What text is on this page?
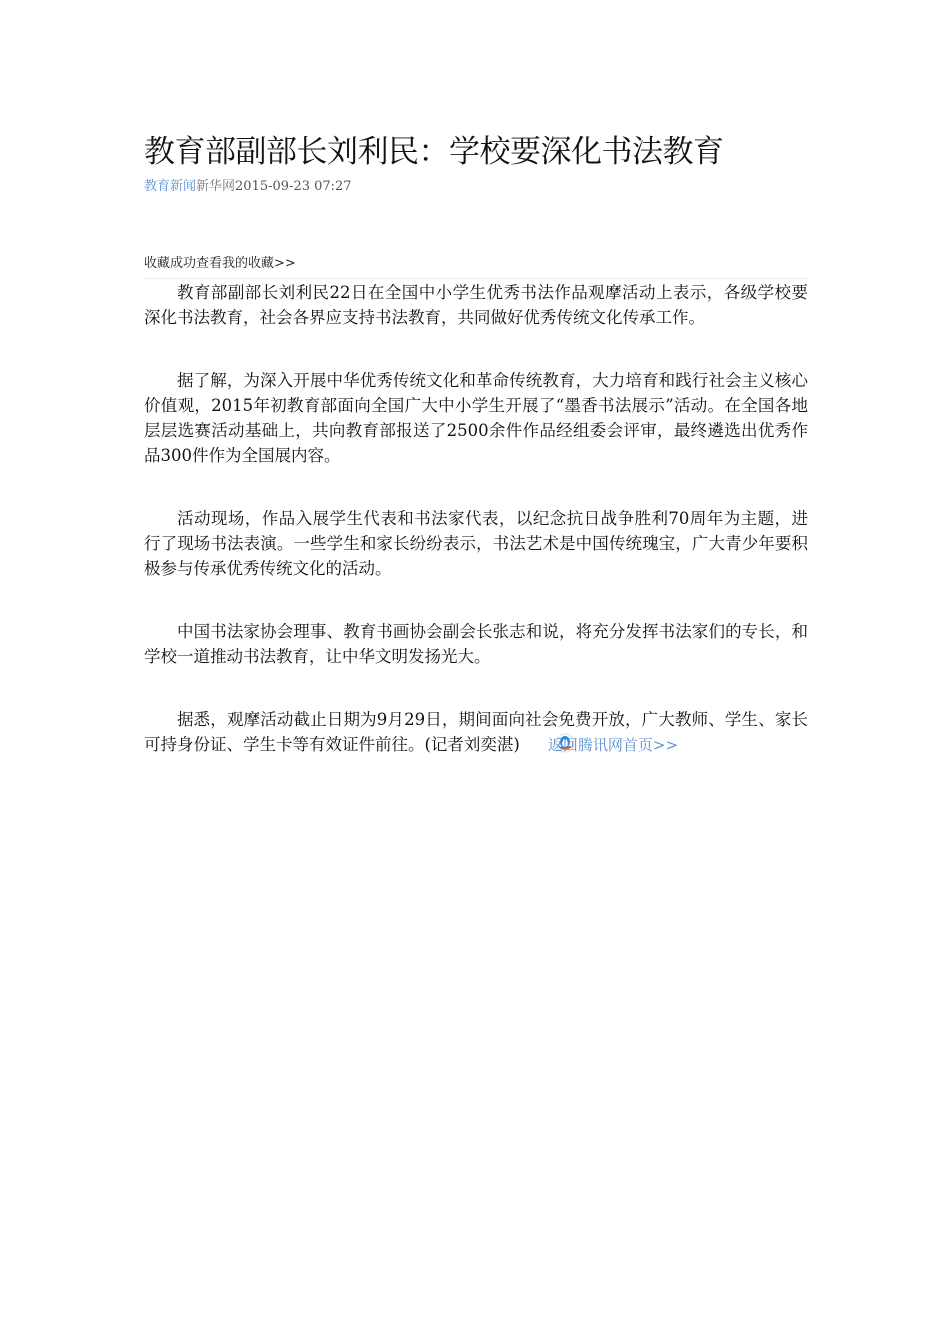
教育部副部长刘利民：学校要深化书法教育
教育新闻新华网2015-09-23 07:27
收藏成功查看我的收藏>>

教育部副部长刘利民22日在全国中小学生优秀书法作品观摩活动上表示，各级学校要深化书法教育，社会各界应支持书法教育，共同做好优秀传统文化传承工作。

据了解，为深入开展中华优秀传统文化和革命传统教育，大力培育和践行社会主义核心价值观，2015年初教育部面向全国广大中小学生开展了“墨香书法展示”活动。在全国各地层层选赛活动基础上，共向教育部报送了2500余件作品经组委会评审，最终遴选出优秀作品300件作为全国展内容。

活动现场，作品入展学生代表和书法家代表，以纪念抗日战争胜利70周年为主题，进行了现场书法表演。一些学生和家长纷纷表示，书法艺术是中国传统瑰宝，广大青少年要积极参与传承优秀传统文化的活动。

中国书法家协会理事、教育书画协会副会长张志和说，将充分发挥书法家们的专长，和学校一道推动书法教育，让中华文明发扬光大。

据悉，观摩活动截止日期为9月29日，期间面向社会免费开放，广大教师、学生、家长可持身份证、学生卡等有效证件前往。(记者刘奕湛) 返回腾讯网首页>>
